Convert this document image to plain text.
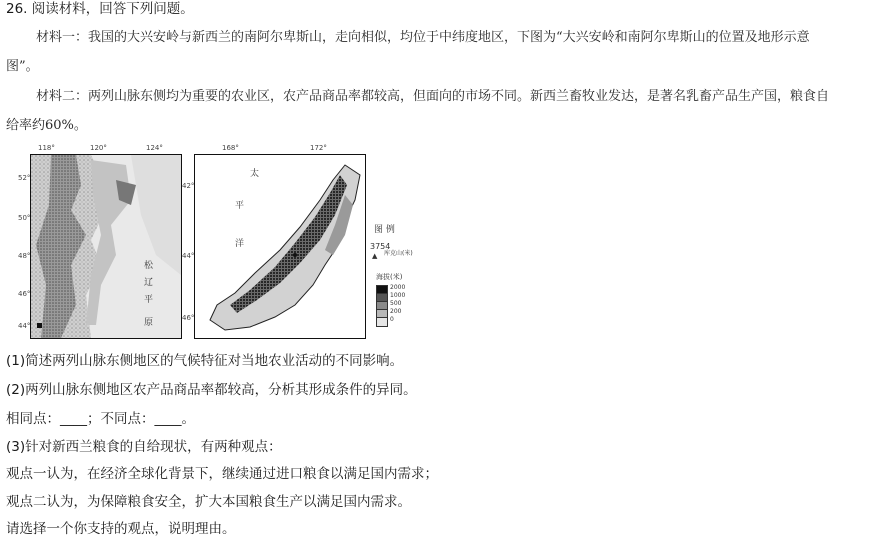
26. 阅读材料，回答下列问题。
材料一：我国的大兴安岭与新西兰的南阿尔卑斯山，走向相似，均位于中纬度地区，下图为“大兴安岭和南阿尔卑斯山的位置及地形示意
图”。
材料二：两列山脉东侧均为重要的农业区，农产品商品率都较高，但面向的市场不同。新西兰畜牧业发达，是著名乳畜产品生产国，粮食自
给率约60%。
118°	120°	124°
52°
50°
48°
46°
44°
松
辽
平
原
168°	172°
42°
44°
46°
太
平
洋
图 例
3754
库克山(米)
▲
海拔(米)
2000
1000
500
200
0
(1)简述两列山脉东侧地区的气候特征对当地农业活动的不同影响。
(2)两列山脉东侧地区农产品商品率都较高，分析其形成条件的异同。
相同点：____；不同点：____。
(3)针对新西兰粮食的自给现状，有两种观点：
观点一认为，在经济全球化背景下，继续通过进口粮食以满足国内需求；
观点二认为，为保障粮食安全，扩大本国粮食生产以满足国内需求。
请选择一个你支持的观点，说明理由。
